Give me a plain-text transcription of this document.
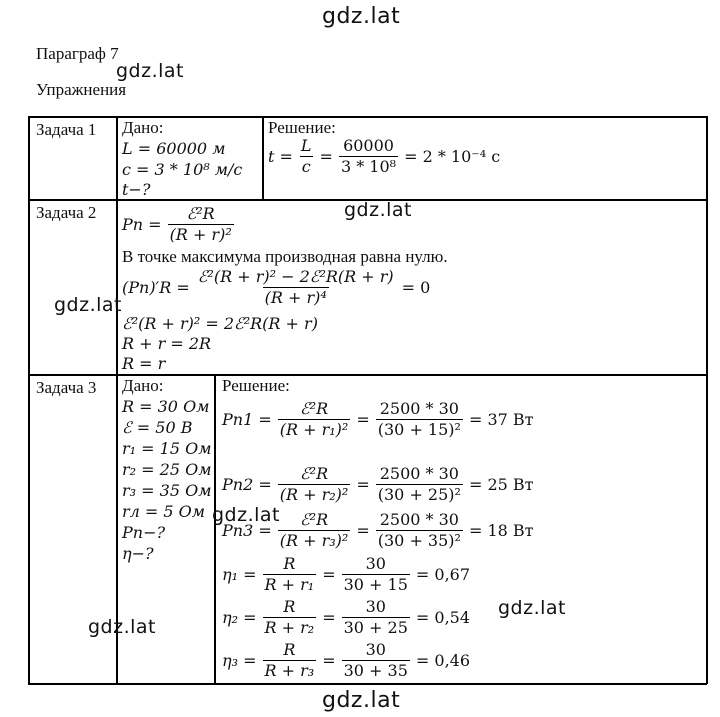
gdz.lat
gdz.lat
gdz.lat
gdz.lat
gdz.lat
gdz.lat
gdz.lat
gdz.lat
Параграф 7
Упражнения
Задача 1 Дано:
L = 60000 м
c = 3 * 10⁸ м/с
t−?
Решение:
$t = \frac{L}{c} = \frac{60000}{\text{3 * 10⁸}} = 2 * 10^{-4}$ с
Задача 2
Pп = $\frac{\text{ℰ²R}}{\text{(R + r)²}}$
В точке максимума производная равна нулю.
$(Pп)'R = \frac{\text{ℰ²(R + r)² − 2ℰ²R(R + r)}}{\text{(R + r)⁴}} = 0$
ℰ²(R + r)² = 2ℰ²R(R + r)
R + r = 2R
R = r
Задача 3 Дано:
R = 30 Ом
ℰ = 50 В
r₁ = 15 Ом
r₂ = 25 Ом
r₃ = 35 Ом
rл = 5 Ом
Pп−?
η−?
Решение:
$Pп1 = \frac{\text{ℰ²R}}{\text{(R + r₁)²}} = \frac{2500 * 30}{\text{(30 + 15)²}} = 37$ Вт
$Pп2 = \frac{\text{ℰ²R}}{\text{(R + r₂)²}} = \frac{2500 * 30}{\text{(30 + 25)²}} = 25$ Вт
$Pп3 = \frac{\text{ℰ²R}}{\text{(R + r₃)²}} = \frac{2500 * 30}{\text{(30 + 35)²}} = 18$ Вт
$\eta_1 = \frac{R}{\text{R + r₁}} = \frac{30}{30 + 15} = 0,67$
$\eta_2 = \frac{R}{\text{R + r₂}} = \frac{30}{30 + 25} = 0,54$
$\eta_3 = \frac{R}{\text{R + r₃}} = \frac{30}{30 + 35} = 0,46$
